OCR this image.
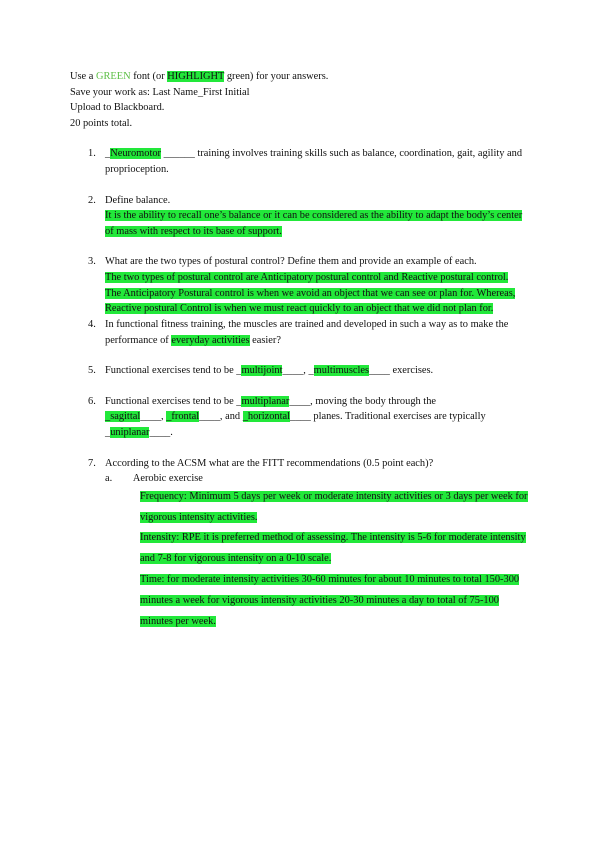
Use a GREEN font (or HIGHLIGHT green) for your answers.
Save your work as: Last Name_First Initial
Upload to Blackboard.
20 points total.
1. _Neuromotor ______ training involves training skills such as balance, coordination, gait, agility and proprioception.
2. Define balance.
It is the ability to recall one’s balance or it can be considered as the ability to adapt the body’s center of mass with respect to its base of support.
3. What are the two types of postural control? Define them and provide an example of each.
The two types of postural control are Anticipatory postural control and Reactive postural control.
The Anticipatory Postural control is when we avoid an object that we can see or plan for. Whereas, Reactive postural Control is when we must react quickly to an object that we did not plan for.
4. In functional fitness training, the muscles are trained and developed in such a way as to make the performance of everyday activities easier?
5. Functional exercises tend to be _multijoint____, _multimuscles____ exercises.
6. Functional exercises tend to be _multiplanar____, moving the body through the
_sagittal____, _frontal____, and _horizontal____ planes. Traditional exercises are typically _uniplanar____.
7. According to the ACSM what are the FITT recommendations (0.5 point each)?
a. Aerobic exercise
Frequency: Minimum 5 days per week or moderate intensity activities or 3 days per week for vigorous intensity activities.
Intensity: RPE it is preferred method of assessing. The intensity is 5-6 for moderate intensity and 7-8 for vigorous intensity on a 0-10 scale.
Time: for moderate intensity activities 30-60 minutes for about 10 minutes to total 150-300 minutes a week for vigorous intensity activities 20-30 minutes a day to total of 75-100 minutes per week.
